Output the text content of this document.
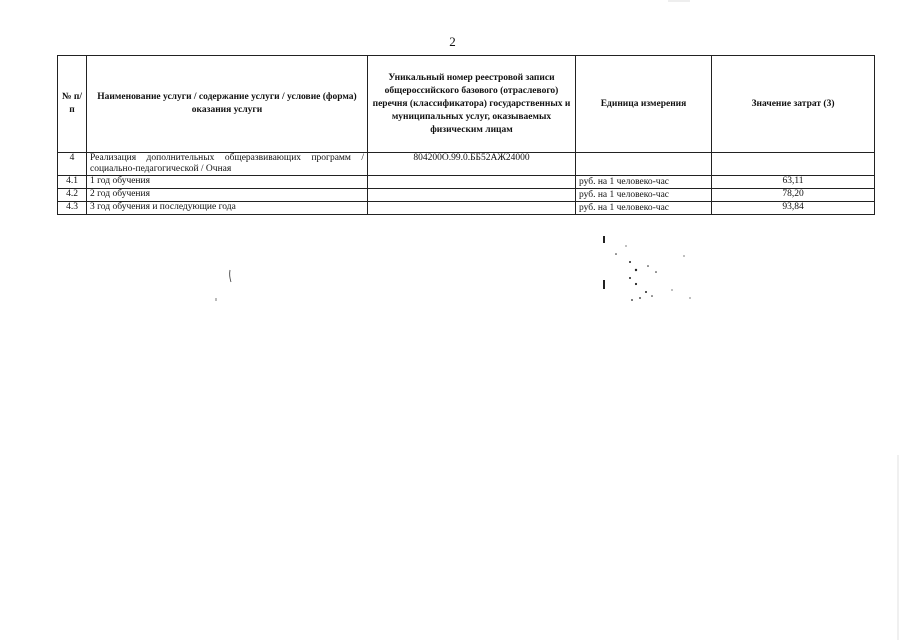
2
№ п/п	Наименование услуги / содержание услуги / условие (форма) оказания услуги	Уникальный номер реестровой записи общероссийского базового (отраслевого) перечня (классификатора) государственных и муниципальных услуг, оказываемых физическим лицам	Единица измерения	Значение затрат (3)
4	Реализация дополнительных общеразвивающих программ / социально-педагогической / Очная	804200О.99.0.ББ52АЖ24000		
4.1	1 год обучения		руб. на 1 человеко-час	63,11
4.2	2 год обучения		руб. на 1 человеко-час	78,20
4.3	3 год обучения и последующие года		руб. на 1 человеко-час	93,84
